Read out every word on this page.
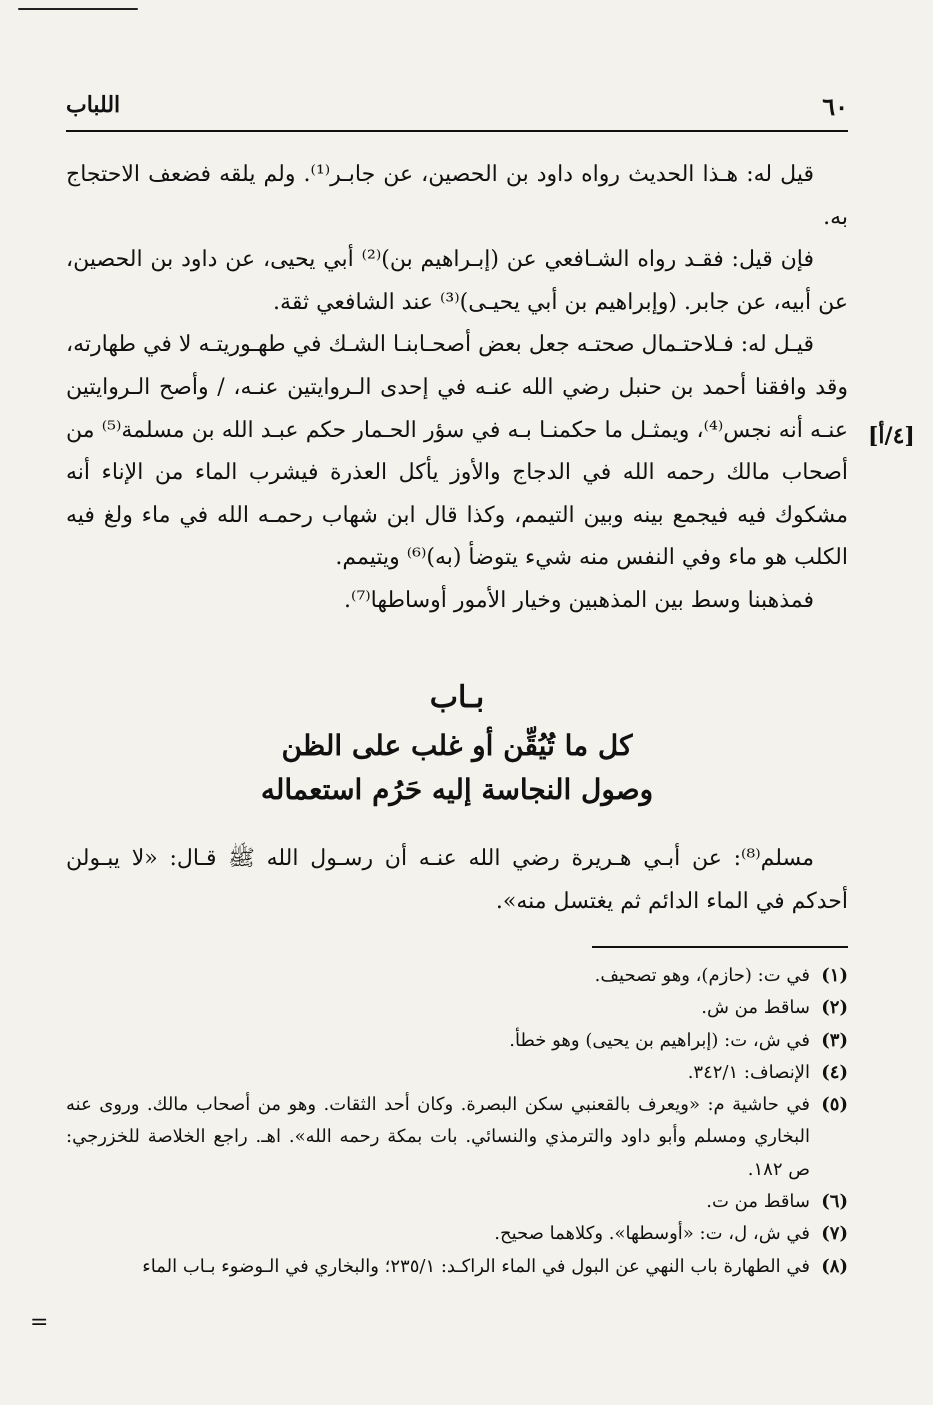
٦٠
اللباب
[٤/أ]

قيل له: هـذا الحديث رواه داود بن الحصين، عن جابـر⁽¹⁾. ولم يلقه فضعف الاحتجاج به.

فإن قيل: فقـد رواه الشـافعي عن (إبـراهيم بن)⁽²⁾ أبي يحيى، عن داود بن الحصين، عن أبيه، عن جابر. (وإبراهيم بن أبي يحيـى)⁽³⁾ عند الشافعي ثقة.

قيـل له: فـلاحتـمال صحتـه جعل بعض أصحـابنـا الشـك في طهـوريتـه لا في طهارته، وقد وافقنا أحمد بن حنبل رضي الله عنـه في إحدى الـروايتين عنـه، / وأصح الـروايتين عنـه أنه نجس⁽⁴⁾، ويمثـل ما حكمنـا بـه في سؤر الحـمار حكم عبـد الله بن مسلمة⁽⁵⁾ من أصحاب مالك رحمه الله في الدجاج والأوز يأكل العذرة فيشرب الماء من الإناء أنه مشكوك فيه فيجمع بينه وبين التيمم، وكذا قال ابن شهاب رحمـه الله في ماء ولغ فيه الكلب هو ماء وفي النفس منه شيء يتوضأ (به)⁽⁶⁾ ويتيمم.

فمذهبنا وسط بين المذهبين وخيار الأمور أوساطها⁽⁷⁾.

بـاب
كل ما تُيُقِّن أو غلب على الظن
وصول النجاسة إليه حَرُم استعماله

مسلم⁽⁸⁾: عن أبـي هـريرة رضي الله عنـه أن رسـول الله ﷺ قـال: «لا يبـولن أحدكم في الماء الدائم ثم يغتسل منه».

(١)
في ت: (حازم)، وهو تصحيف.
(٢)
ساقط من ش.
(٣)
في ش، ت: (إبراهيم بن يحيى) وهو خطأ.
(٤)
الإنصاف: ٣٤٢/١.
(٥)
في حاشية م: «ويعرف بالقعنبي سكن البصرة. وكان أحد الثقات. وهو من أصحاب مالك. وروى عنه البخاري ومسلم وأبو داود والترمذي والنسائي. بات بمكة رحمه الله». اهـ. راجع الخلاصة للخزرجي: ص ١٨٢.
(٦)
ساقط من ت.
(٧)
في ش، ل، ت: «أوسطها». وكلاهما صحيح.
(٨)
في الطهارة باب النهي عن البول في الماء الراكـد: ٢٣٥/١؛ والبخاري في الـوضوء بـاب الماء
=
